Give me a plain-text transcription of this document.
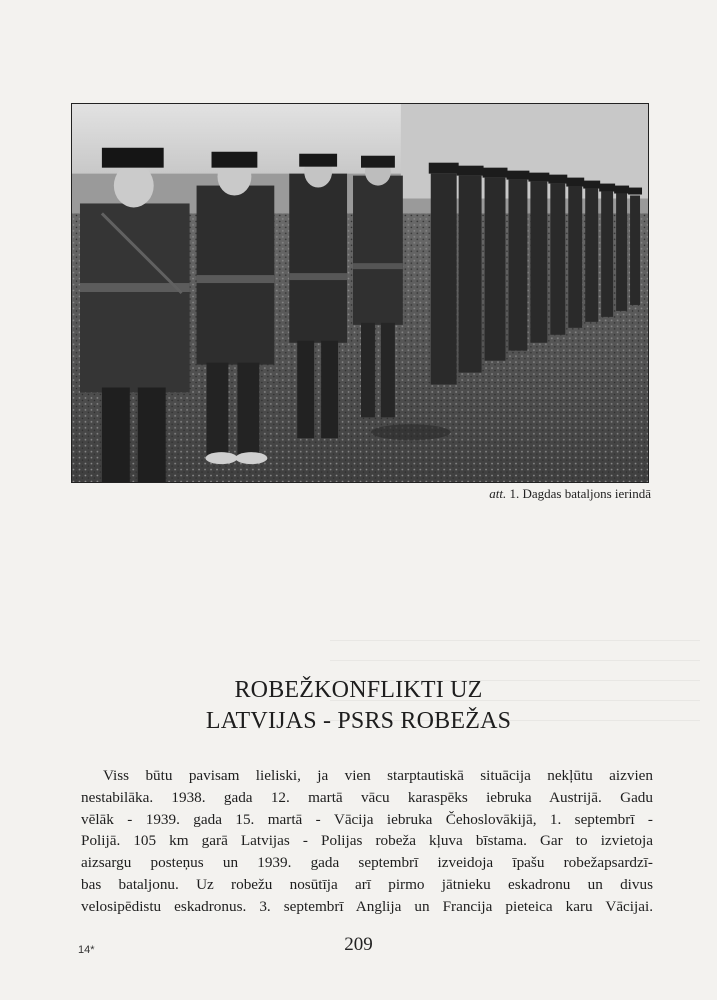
att. 1. Dagdas bataljons ierindā
ROBEŽKONFLIKTI UZ
LATVIJAS - PSRS ROBEŽAS
Viss būtu pavisam lieliski, ja vien starptautiskā situācija nekļūtu aizvien
nestabilāka. 1938. gada 12. martā vācu karaspēks iebruka Austrijā. Gadu
vēlāk - 1939. gada 15. martā - Vācija iebruka Čehoslovākijā, 1. septembrī -
Polijā. 105 km garā Latvijas - Polijas robeža kļuva bīstama. Gar to izvietoja
aizsargu posteņus un 1939. gada septembrī izveidoja īpašu robežapsardzī-
bas bataljonu. Uz robežu nosūtīja arī pirmo jātnieku eskadronu un divus
velosipēdistu eskadronus. 3. septembrī Anglija un Francija pieteica karu Vācijai.
14*	209
